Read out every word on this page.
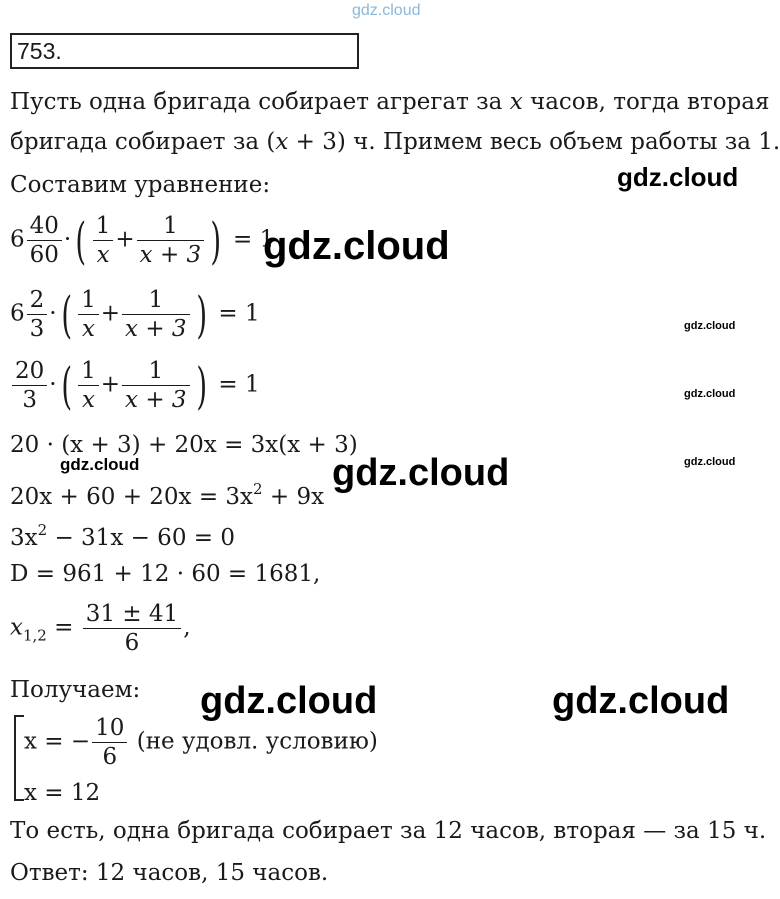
gdz.cloud
753.
Пусть одна бригада собирает агрегат за x часов, тогда вторая
бригада собирает за (x + 3) ч. Примем весь объем работы за 1.
Составим уравнение:
$6 \frac{40}{60}$ ·( $\frac{1}{x} + \frac{1}{x + 3}$ ) = 1
$6 \frac{2}{3}$ ·( $\frac{1}{x} + \frac{1}{x + 3}$ ) = 1
$\frac{20}{3}$ ·( $\frac{1}{x} + \frac{1}{x + 3}$ ) = 1
20 · (x + 3) + 20x = 3x(x + 3)
$20x + 60 + 20x = 3x^2 + 9x$
$3x^2 - 31x - 60 = 0$
D = 961 + 12 · 60 = 1681,
$x_{1,2} = \frac{31 \pm 41}{6}$ ,
Получаем:
x = − $\frac{10}{6} (не$ удовл. условию)
x = 12
То есть, одна бригада собирает за 12 часов, вторая — за 15 ч.
Ответ: 12 часов, 15 часов.
gdz.cloud
gdz.cloud
gdz.cloud
gdz.cloud
gdz.cloud
gdz.cloud	gdz.cloud
gdz.cloud	gdz.cloud
